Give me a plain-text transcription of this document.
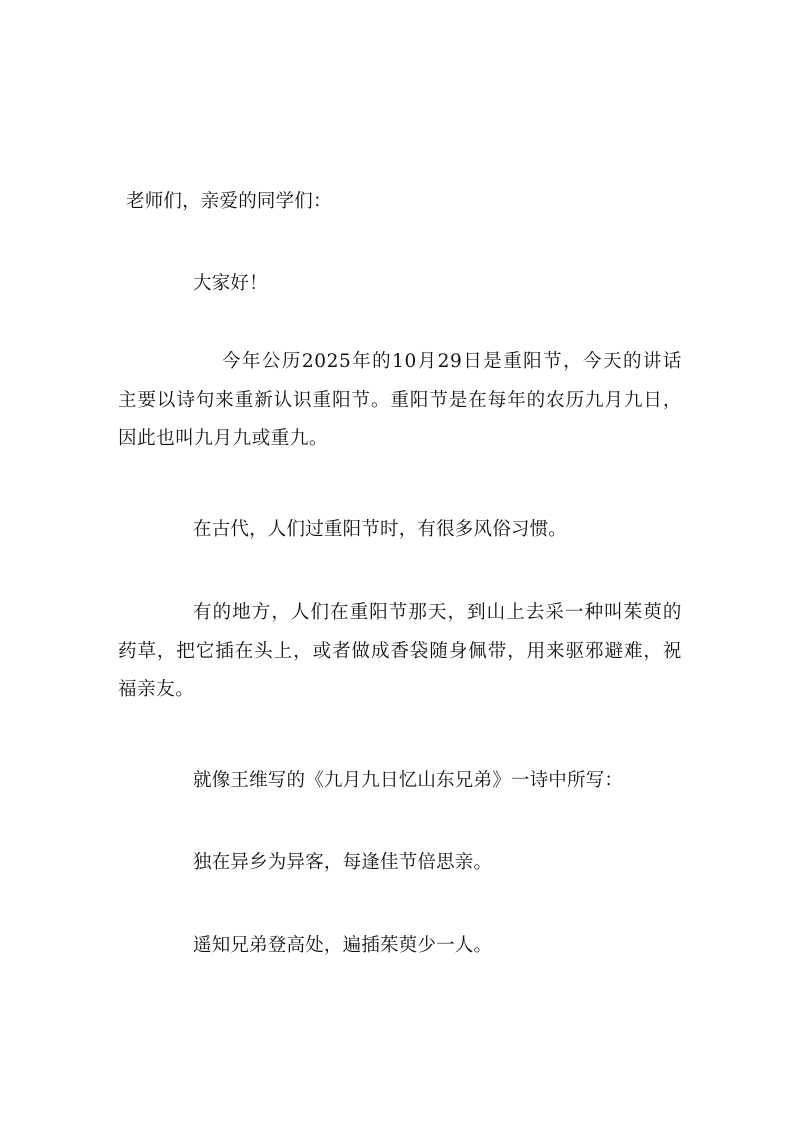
老师们，亲爱的同学们：
大家好！
今年公历2025年的10月29日是重阳节，今天的讲话主要以诗句来重新认识重阳节。重阳节是在每年的农历九月九日，因此也叫九月九或重九。
在古代，人们过重阳节时，有很多风俗习惯。
有的地方，人们在重阳节那天，到山上去采一种叫茱萸的药草，把它插在头上，或者做成香袋随身佩带，用来驱邪避难，祝福亲友。
就像王维写的《九月九日忆山东兄弟》一诗中所写：
独在异乡为异客，每逢佳节倍思亲。
遥知兄弟登高处，遍插茱萸少一人。
